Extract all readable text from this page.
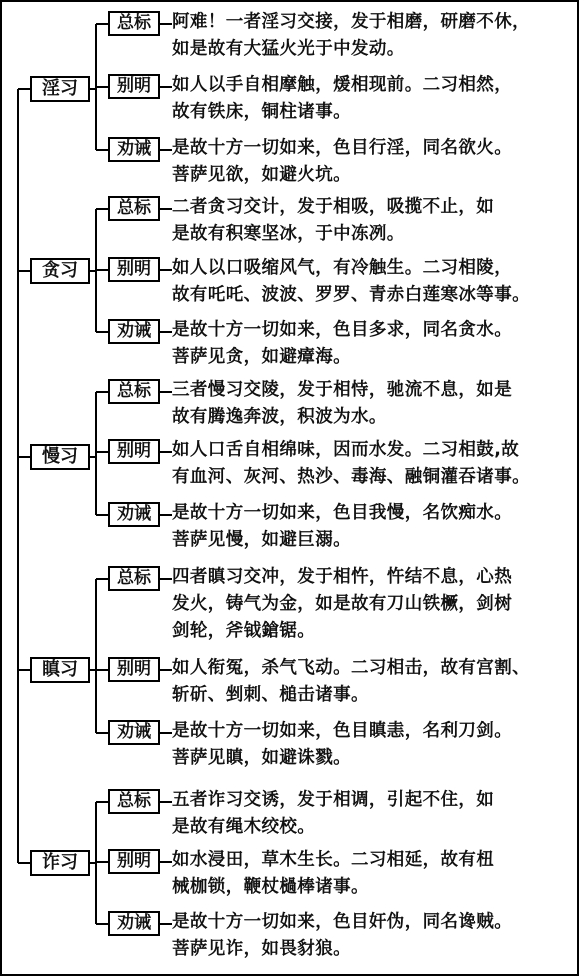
淫习
总标	阿难！一者淫习交接，发于相磨，研磨不休，
如是故有大猛火光于中发动。

别明	如人以手自相摩触，煖相现前。二习相然，
故有铁床，铜柱诸事。

劝诫	是故十方一切如来，色目行淫，同名欲火。
菩萨见欲，如避火坑。

贪习
总标	二者贪习交计，发于相吸，吸揽不止，如
是故有积寒坚冰，于中冻冽。

别明	如人以口吸缩风气，有冷触生。二习相陵，
故有吒吒、波波、罗罗、青赤白莲寒冰等事。

劝诫	是故十方一切如来，色目多求，同名贪水。
菩萨见贪，如避瘴海。

慢习
总标	三者慢习交陵，发于相恃，驰流不息，如是
故有腾逸奔波，积波为水。

别明	如人口舌自相绵味，因而水发。二习相鼓,故
有血河、灰河、热沙、毒海、融铜灌吞诸事。

劝诫	是故十方一切如来，色目我慢，名饮痴水。
菩萨见慢，如避巨溺。

瞋习
总标	四者瞋习交冲，发于相忤，忤结不息，心热
发火，铸气为金，如是故有刀山铁橛，剑树
剑轮，斧钺鎗锯。

别明	如人衔冤，杀气飞动。二习相击，故有宫割、
斩斫、剉刺、槌击诸事。

劝诫	是故十方一切如来，色目瞋恚，名利刀剑。
菩萨见瞋，如避诛戮。

诈习
总标	五者诈习交诱，发于相调，引起不住，如
是故有绳木绞校。

别明	如水浸田，草木生长。二习相延，故有杻
械枷锁，鞭杖檛棒诸事。

劝诫	是故十方一切如来，色目奸伪，同名谗贼。
菩萨见诈，如畏豺狼。
